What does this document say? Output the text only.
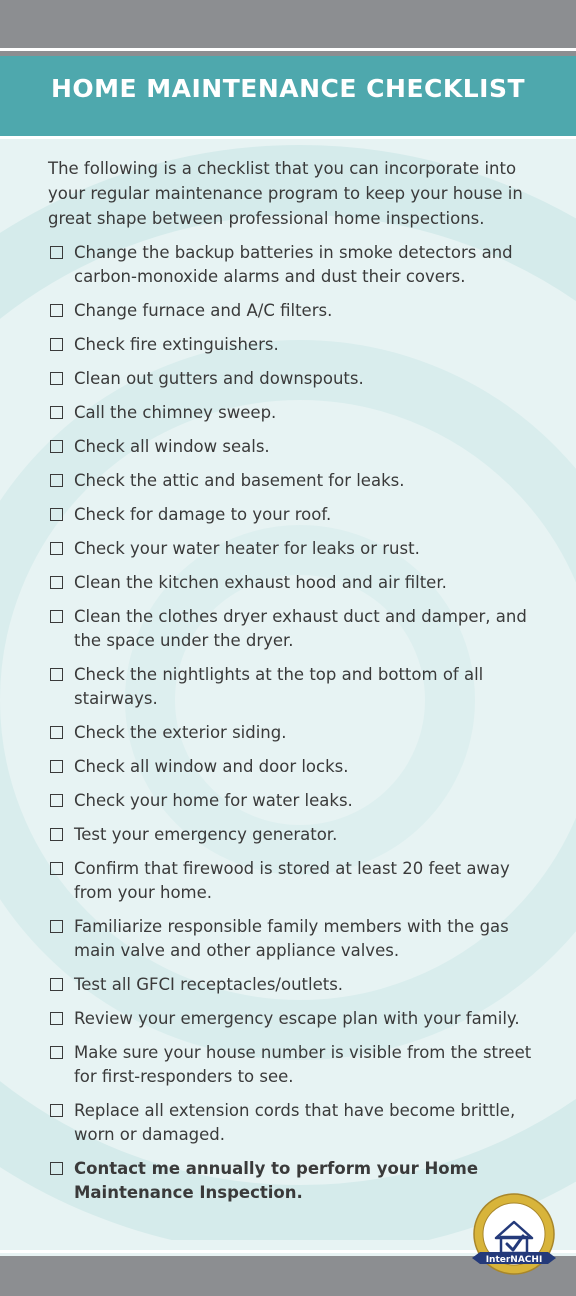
HOME MAINTENANCE CHECKLIST

The following is a checklist that you can incorporate into your regular maintenance program to keep your house in great shape between professional home inspections.

Change the backup batteries in smoke detectors and carbon-monoxide alarms and dust their covers.
Change furnace and A/C filters.
Check fire extinguishers.
Clean out gutters and downspouts.
Call the chimney sweep.
Check all window seals.
Check the attic and basement for leaks.
Check for damage to your roof.
Check your water heater for leaks or rust.
Clean the kitchen exhaust hood and air filter.
Clean the clothes dryer exhaust duct and damper, and the space under the dryer.
Check the nightlights at the top and bottom of all stairways.
Check the exterior siding.
Check all window and door locks.
Check your home for water leaks.
Test your emergency generator.
Confirm that firewood is stored at least 20 feet away from your home.
Familiarize responsible family members with the gas main valve and other appliance valves.
Test all GFCI receptacles/outlets.
Review your emergency escape plan with your family.
Make sure your house number is visible from the street for first-responders to see.
Replace all extension cords that have become brittle, worn or damaged.
Contact me annually to perform your Home Maintenance Inspection.
InterNACHI
